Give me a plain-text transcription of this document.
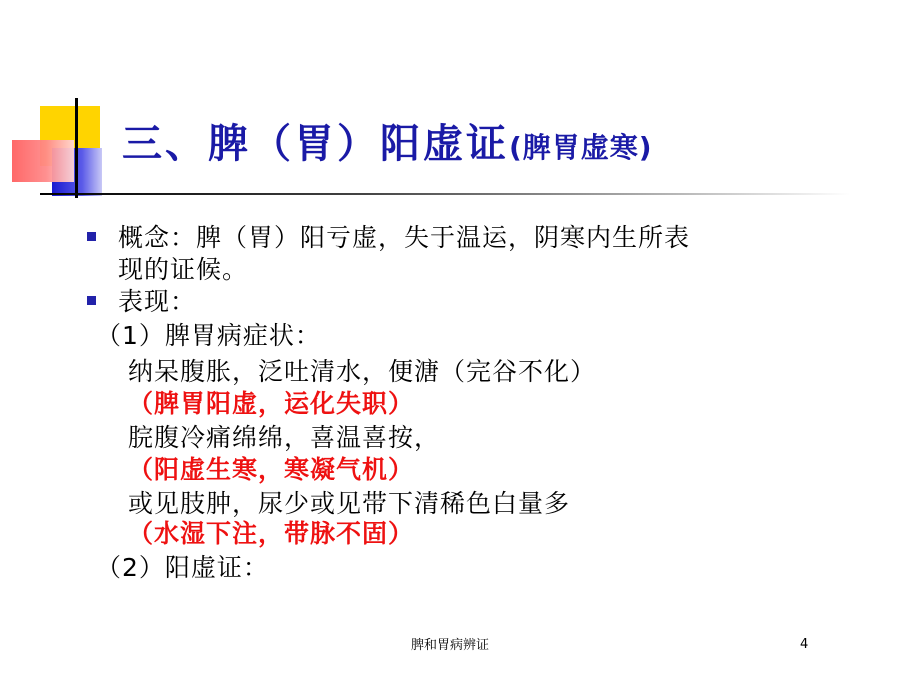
三、脾（胃）阳虚证(脾胃虚寒)
概念：脾（胃）阳亏虚，失于温运，阴寒内生所表
现的证候。
表现：
（1）脾胃病症状：
纳呆腹胀，泛吐清水，便溏（完谷不化）
（脾胃阳虚，运化失职）
脘腹冷痛绵绵，喜温喜按，
（阳虚生寒，寒凝气机）
或见肢肿，尿少或见带下清稀色白量多
（水湿下注，带脉不固）
（2）阳虚证：
脾和胃病辨证	4
